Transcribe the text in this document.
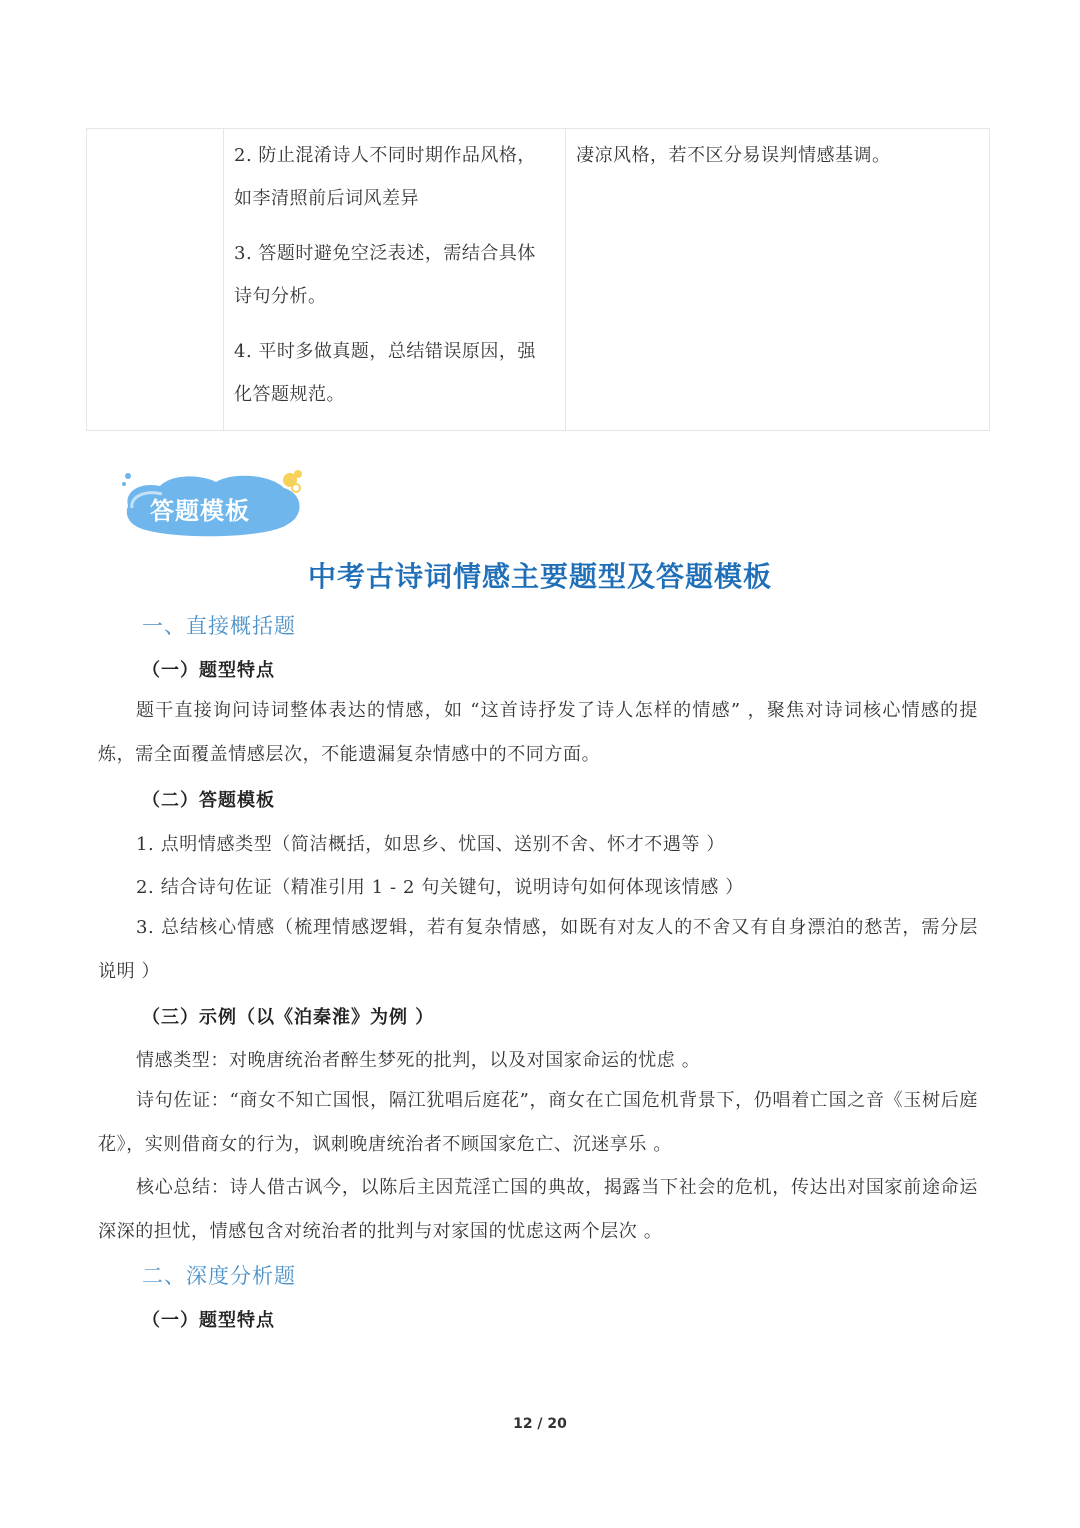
2. 防止混淆诗人不同时期作品风格，如李清照前后词风差异
3. 答题时避免空泛表述，需结合具体诗句分析。
4. 平时多做真题，总结错误原因，强化答题规范。
凄凉风格，若不区分易误判情感基调。
答题模板
中考古诗词情感主要题型及答题模板
一、直接概括题
（一）题型特点

题干直接询问诗词整体表达的情感，如 “这首诗抒发了诗人怎样的情感” ，聚焦对诗词核心情感的提炼，需全面覆盖情感层次，不能遗漏复杂情感中的不同方面。

（二）答题模板
1. 点明情感类型（简洁概括，如思乡、忧国、送别不舍、怀才不遇等 ）
2. 结合诗句佐证（精准引用 1 - 2 句关键句，说明诗句如何体现该情感 ）

3. 总结核心情感（梳理情感逻辑，若有复杂情感，如既有对友人的不舍又有自身漂泊的愁苦，需分层说明 ）

（三）示例（以《泊秦淮》为例 ）
情感类型：对晚唐统治者醉生梦死的批判，以及对国家命运的忧虑 。

诗句佐证：“商女不知亡国恨，隔江犹唱后庭花”，商女在亡国危机背景下，仍唱着亡国之音《玉树后庭花》，实则借商女的行为，讽刺晚唐统治者不顾国家危亡、沉迷享乐 。

核心总结：诗人借古讽今，以陈后主因荒淫亡国的典故，揭露当下社会的危机，传达出对国家前途命运深深的担忧，情感包含对统治者的批判与对家国的忧虑这两个层次 。

二、深度分析题
（一）题型特点
12 / 20
